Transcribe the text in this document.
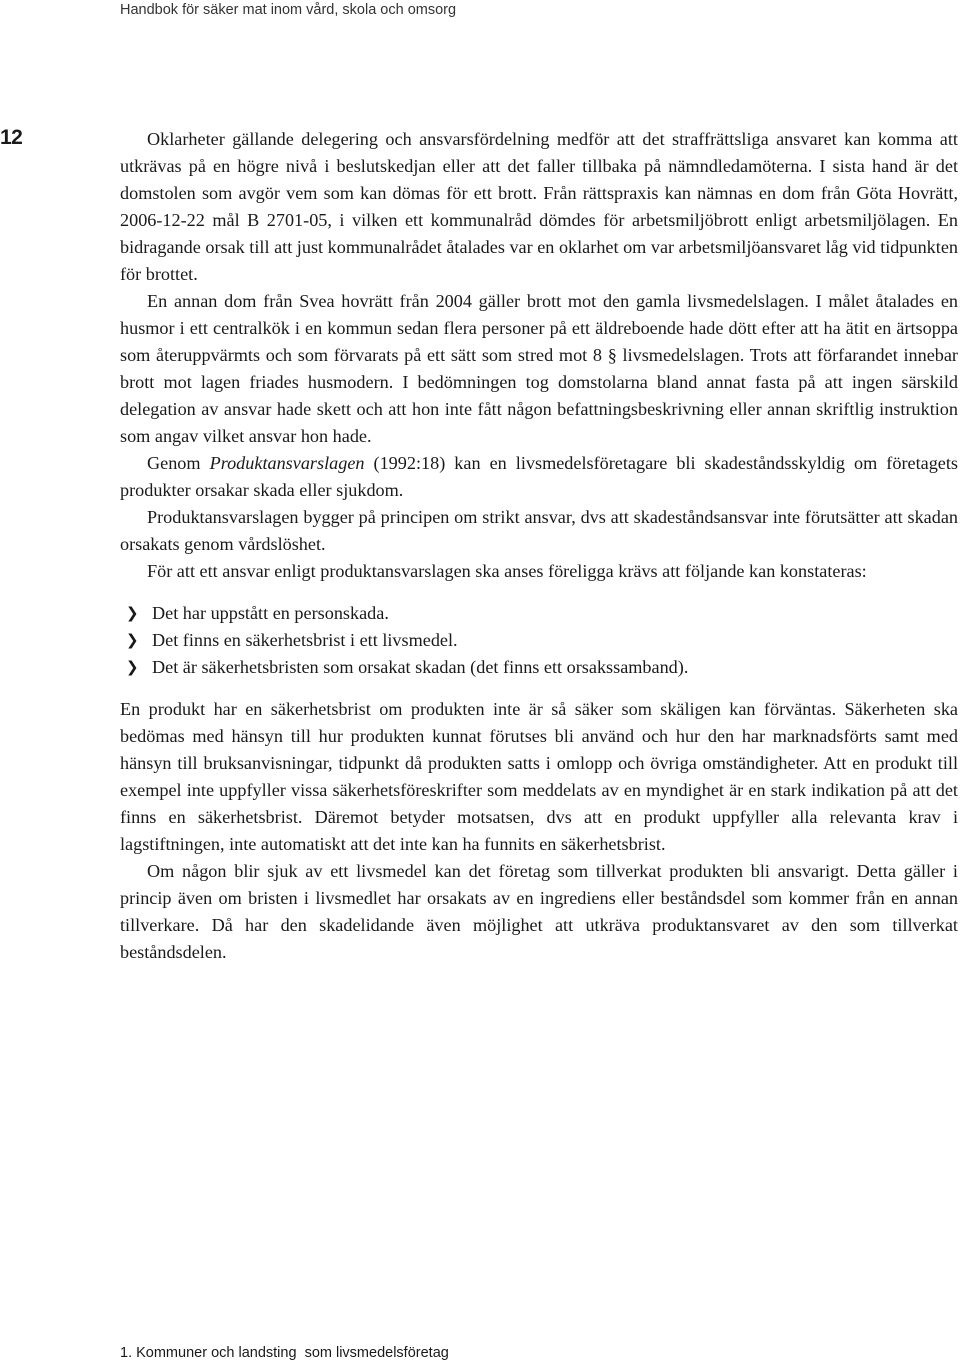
Handbok för säker mat inom vård, skola och omsorg
12	Oklarheter gällande delegering och ansvarsfördelning medför att det straffrättsliga ansvaret kan komma att utkrävas på en högre nivå i beslutskedjan eller att det faller tillbaka på nämndledamöterna. I sista hand är det domstolen som avgör vem som kan dömas för ett brott. Från rättspraxis kan nämnas en dom från Göta Hovrätt, 2006-12-22 mål B 2701-05, i vilken ett kommunalråd dömdes för arbetsmiljöbrott enligt arbetsmiljölagen. En bidragande orsak till att just kommunalrådet åtalades var en oklarhet om var arbetsmiljöansvaret låg vid tidpunkten för brottet.

En annan dom från Svea hovrätt från 2004 gäller brott mot den gamla livsmedelslagen. I målet åtalades en husmor i ett centralkök i en kommun sedan flera personer på ett äldreboende hade dött efter att ha ätit en ärtsoppa som återuppvärmts och som förvarats på ett sätt som stred mot 8 § livsmedelslagen. Trots att förfarandet innebar brott mot lagen friades husmodern. I bedömningen tog domstolarna bland annat fasta på att ingen särskild delegation av ansvar hade skett och att hon inte fått någon befattningsbeskrivning eller annan skriftlig instruktion som angav vilket ansvar hon hade.

Genom Produktansvarslagen (1992:18) kan en livsmedelsföretagare bli skadeståndsskyldig om företagets produkter orsakar skada eller sjukdom.

Produktansvarslagen bygger på principen om strikt ansvar, dvs att skadeståndsansvar inte förutsätter att skadan orsakats genom vårdslöshet.

För att ett ansvar enligt produktansvarslagen ska anses föreligga krävs att följande kan konstateras:

❯ Det har uppstått en personskada.
❯ Det finns en säkerhetsbrist i ett livsmedel.
❯ Det är säkerhetsbristen som orsakat skadan (det finns ett orsakssamband).

En produkt har en säkerhetsbrist om produkten inte är så säker som skäligen kan förväntas. Säkerheten ska bedömas med hänsyn till hur produkten kunnat förutses bli använd och hur den har marknadsförts samt med hänsyn till bruksanvisningar, tidpunkt då produkten satts i omlopp och övriga omständigheter. Att en produkt till exempel inte uppfyller vissa säkerhetsföreskrifter som meddelats av en myndighet är en stark indikation på att det finns en säkerhetsbrist. Däremot betyder motsatsen, dvs att en produkt uppfyller alla relevanta krav i lagstiftningen, inte automatiskt att det inte kan ha funnits en säkerhetsbrist.

Om någon blir sjuk av ett livsmedel kan det företag som tillverkat produkten bli ansvarigt. Detta gäller i princip även om bristen i livsmedlet har orsakats av en ingrediens eller beståndsdel som kommer från en annan tillverkare. Då har den skadelidande även möjlighet att utkräva produktansvaret av den som tillverkat beståndsdelen.

1. Kommuner och landsting  som livsmedelsföretag
